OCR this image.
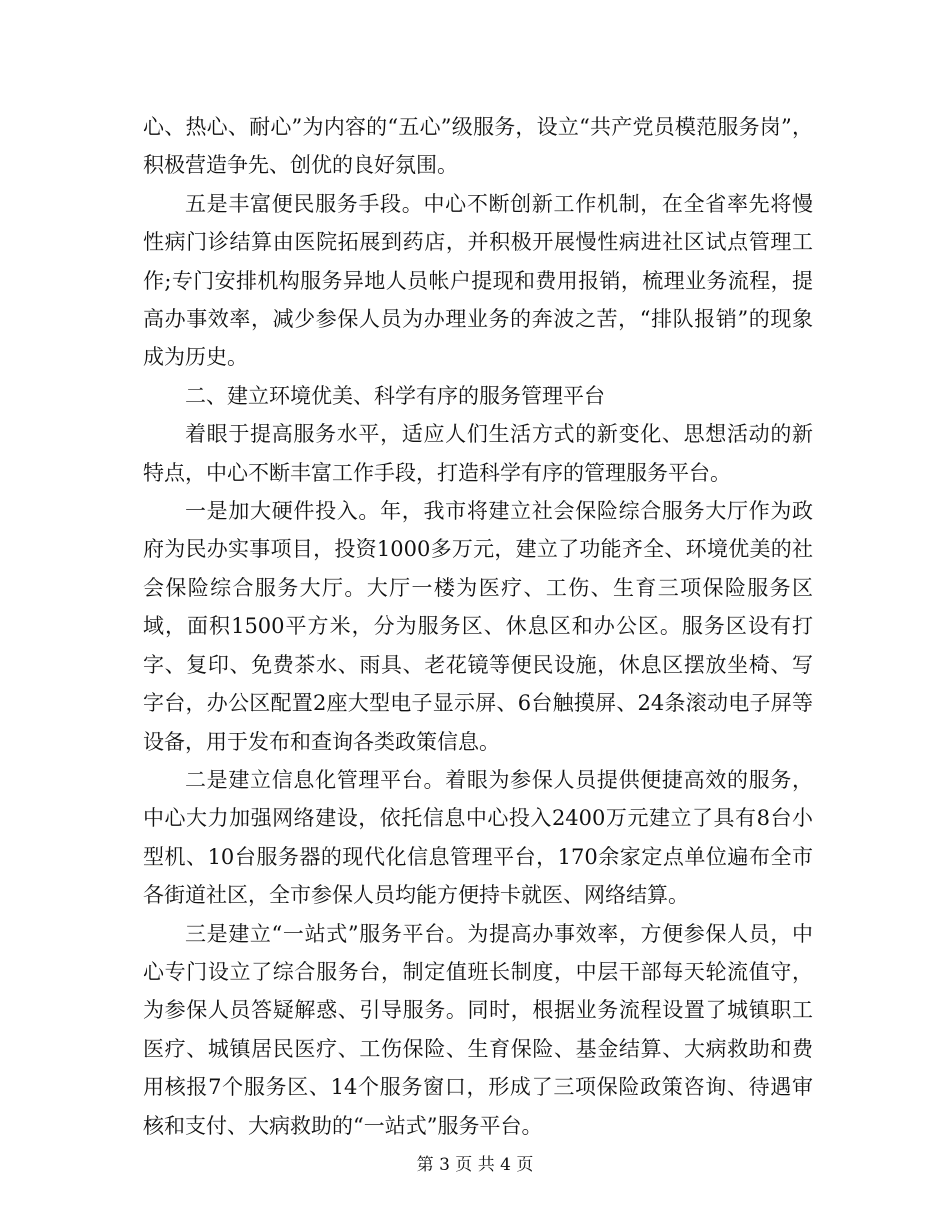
心、热心、耐心”为内容的“五心”级服务，设立“共产党员模范服务岗”，积极营造争先、创优的良好氛围。

五是丰富便民服务手段。中心不断创新工作机制，在全省率先将慢性病门诊结算由医院拓展到药店，并积极开展慢性病进社区试点管理工作;专门安排机构服务异地人员帐户提现和费用报销，梳理业务流程，提高办事效率，减少参保人员为办理业务的奔波之苦，“排队报销”的现象成为历史。

二、建立环境优美、科学有序的服务管理平台

着眼于提高服务水平，适应人们生活方式的新变化、思想活动的新特点，中心不断丰富工作手段，打造科学有序的管理服务平台。

一是加大硬件投入。年，我市将建立社会保险综合服务大厅作为政府为民办实事项目，投资1000多万元，建立了功能齐全、环境优美的社会保险综合服务大厅。大厅一楼为医疗、工伤、生育三项保险服务区域，面积1500平方米，分为服务区、休息区和办公区。服务区设有打字、复印、免费茶水、雨具、老花镜等便民设施，休息区摆放坐椅、写字台，办公区配置2座大型电子显示屏、6台触摸屏、24条滚动电子屏等设备，用于发布和查询各类政策信息。

二是建立信息化管理平台。着眼为参保人员提供便捷高效的服务，中心大力加强网络建设，依托信息中心投入2400万元建立了具有8台小型机、10台服务器的现代化信息管理平台，170余家定点单位遍布全市各街道社区，全市参保人员均能方便持卡就医、网络结算。

三是建立“一站式”服务平台。为提高办事效率，方便参保人员，中心专门设立了综合服务台，制定值班长制度，中层干部每天轮流值守，为参保人员答疑解惑、引导服务。同时，根据业务流程设置了城镇职工医疗、城镇居民医疗、工伤保险、生育保险、基金结算、大病救助和费用核报7个服务区、14个服务窗口，形成了三项保险政策咨询、待遇审核和支付、大病救助的“一站式”服务平台。

第 3 页 共 4 页
